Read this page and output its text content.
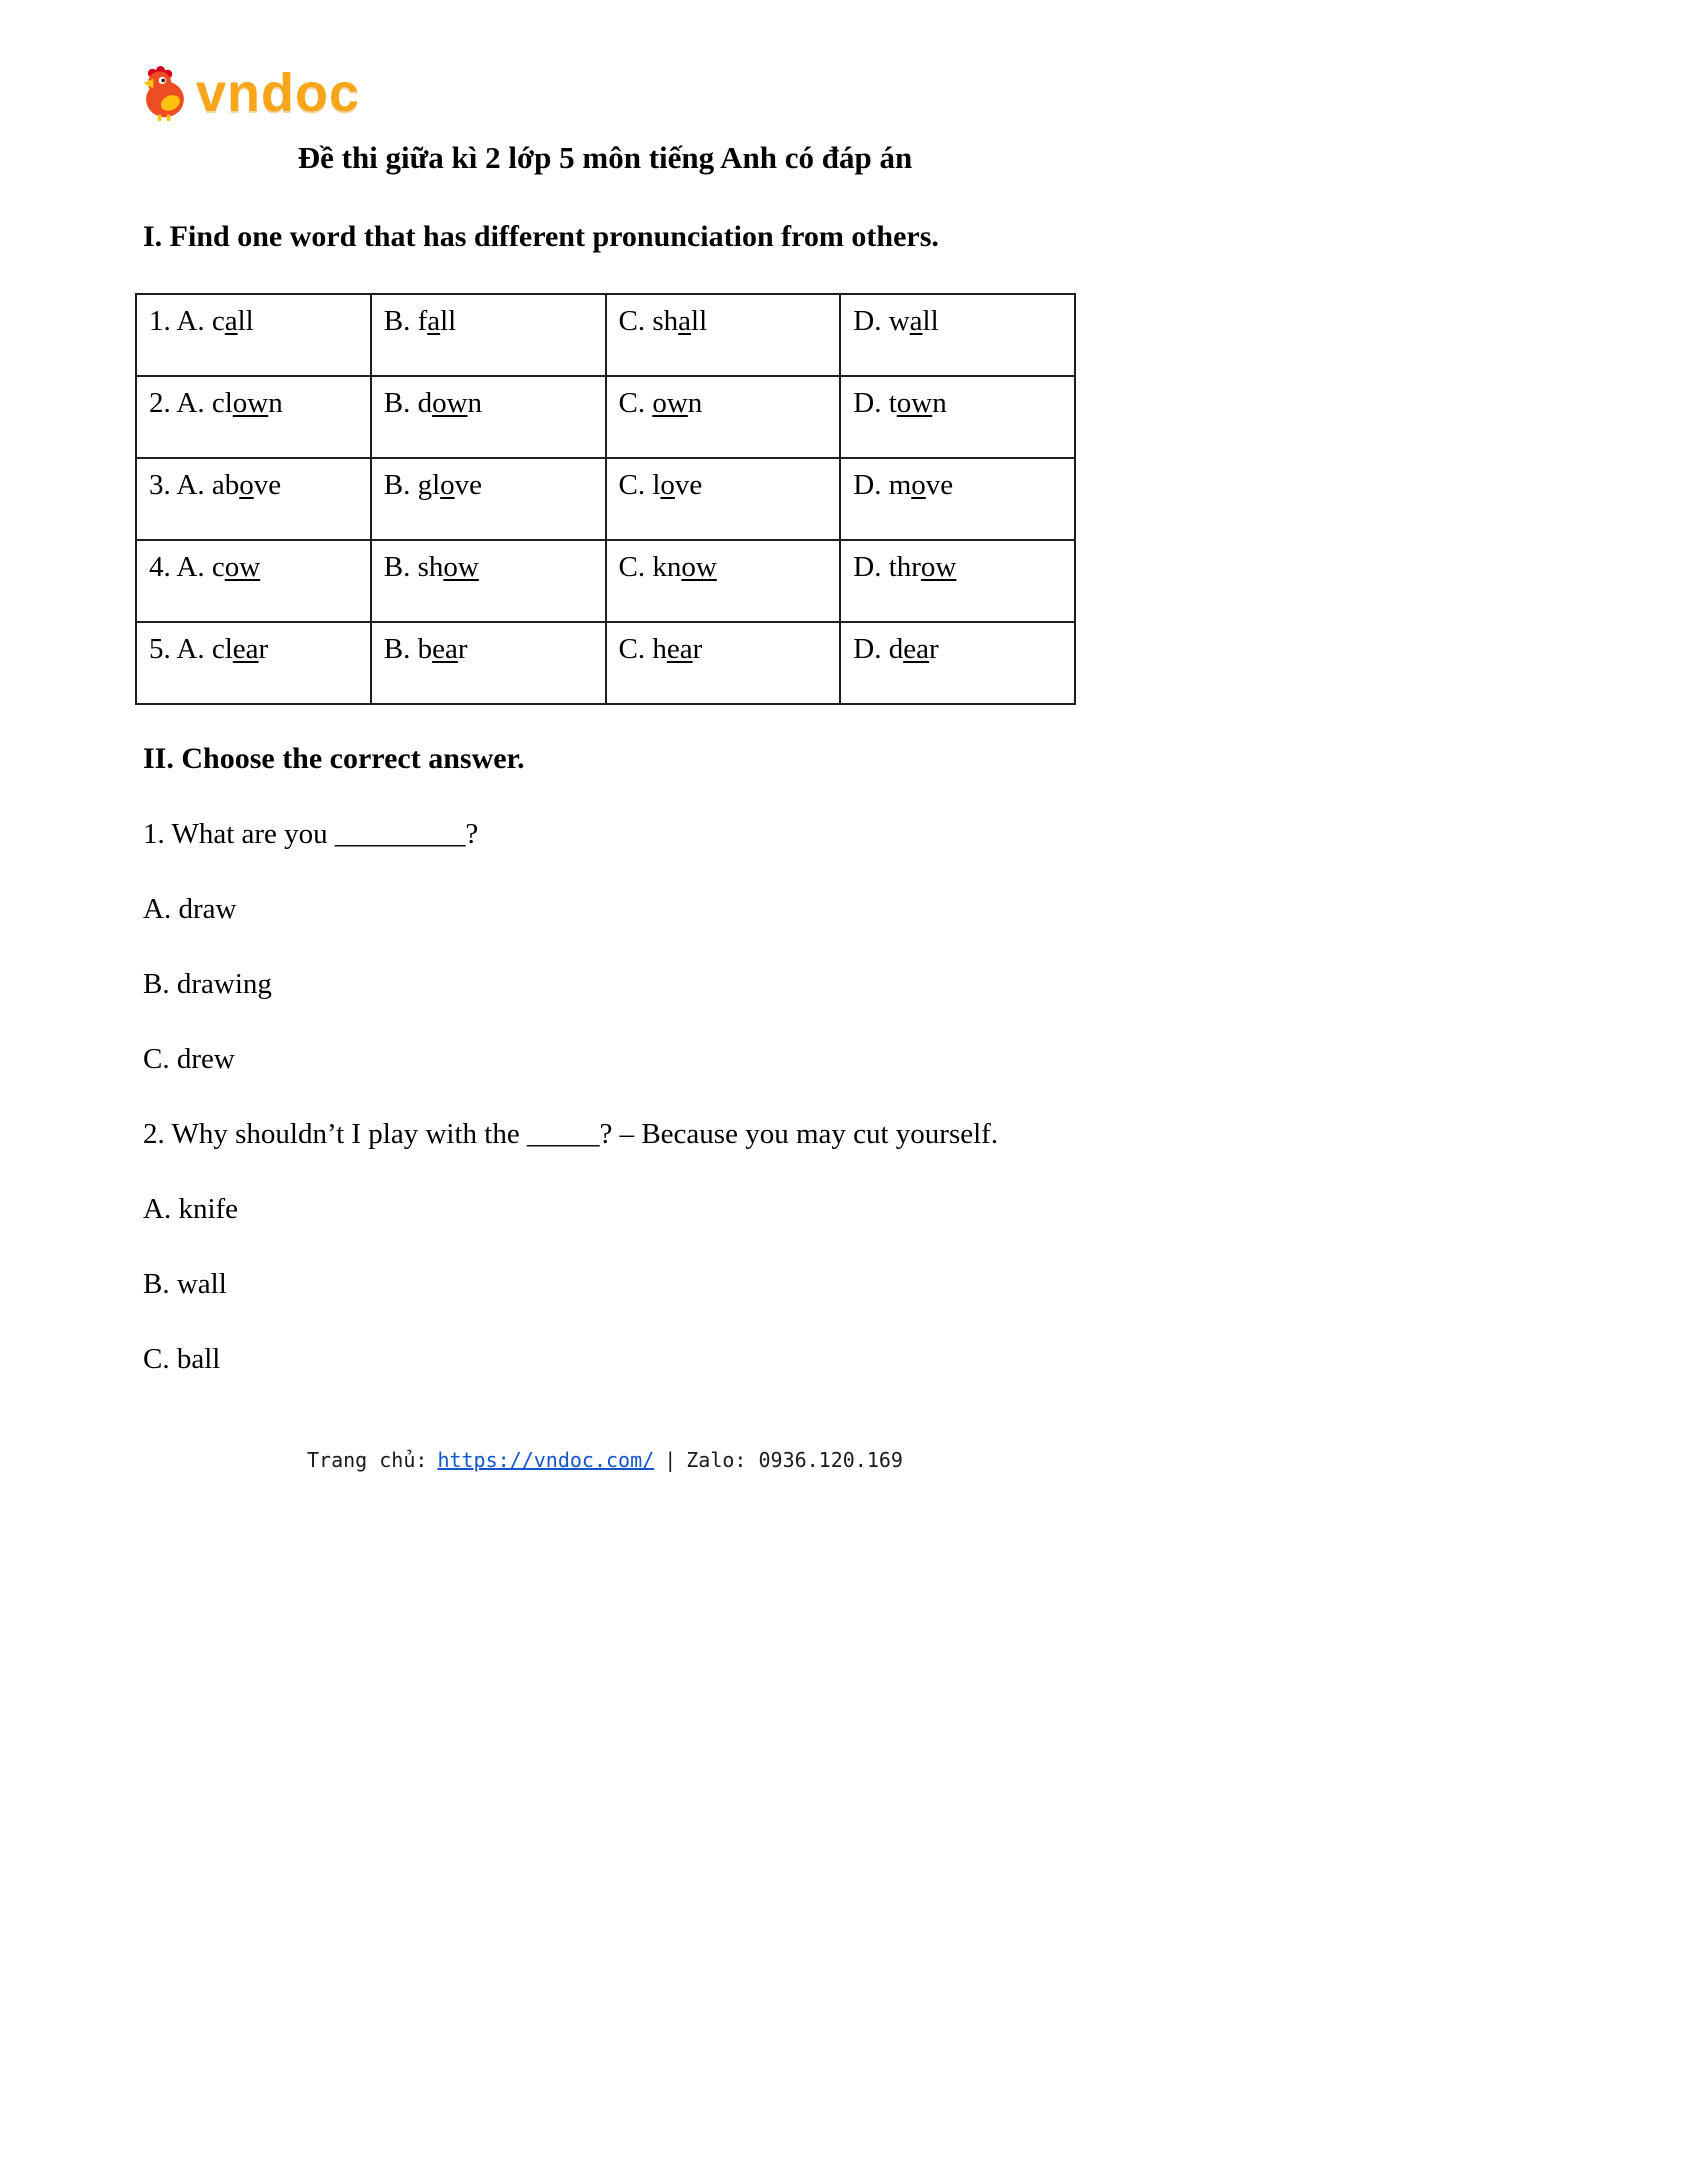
vndoc
Đề thi giữa kì 2 lớp 5 môn tiếng Anh có đáp án
I. Find one word that has different pronunciation from others.
1. A. call	B. fall	C. shall	D. wall
2. A. clown	B. down	C. own	D. town
3. A. above	B. glove	C. love	D. move
4. A. cow	B. show	C. know	D. throw
5. A. clear	B. bear	C. hear	D. dear
II. Choose the correct answer.

1. What are you _________?

A. draw

B. drawing

C. drew

2. Why shouldn’t I play with the _____? – Because you may cut yourself.

A. knife

B. wall

C. ball

Trang chủ: https://vndoc.com/ | Zalo: 0936.120.169
